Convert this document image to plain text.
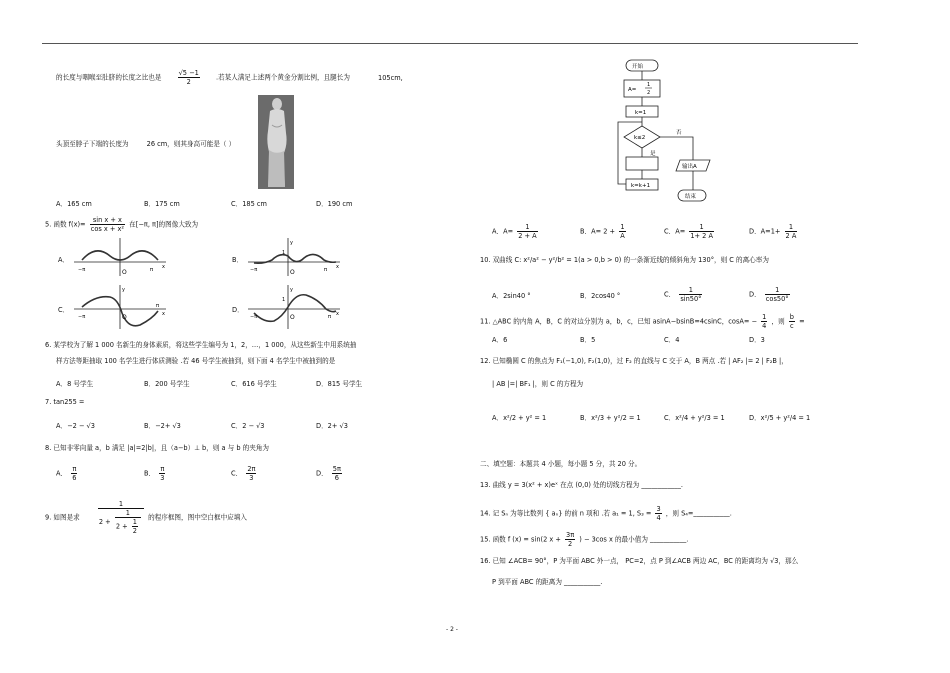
的长度与咽喉至肚脐的长度之比也是 $\frac{√5 -1}{2}$ .若某人满足上述两个黄金分割比例，且腿长为	105cm,
头顶至脖子下端的长度为	26 cm，则其身高可能是（ ）
A．165 cm	B．175 cm	C．185 cm	D．190 cm
5. 函数 $f(x)= \frac{\text{sin x + x}}{\text{cos x + x²}}$ 在[−π, π]的图像大致为
A．
O
−π	π x
B．
y
1
O
−π	π x
C．
y
−π	O
π
x	D．
y
1
−π	O	π x
6. 某学校为了解 1 000 名新生的身体素质，将这些学生编号为 1，2，…，1 000，从这些新生中用系统抽
样方法等距抽取 100 名学生进行体质测验 .若 46 号学生被抽到，则下面 4 名学生中被抽到的是
A．8 号学生	B．200 号学生	C．616 号学生	D．815 号学生
7. tan255 =
A．−2 − √3	B．−2+ √3	C．2 − √3	D．2+ √3
8. 已知非零向量 a，b 满足 |a|=2|b|，且（a−b）⊥ b，则 a 与 b 的夹角为
A． $\frac{\pi}{6}$	B． $\frac{\pi}{3}$	C． $\frac{2\pi}{3}$	D． $\frac{5\pi}{6}$
9. 如图是求
1
$2 + \frac{1}{2 + \frac{1}{2}}$ 的程序框图，图中空白框中应填入
开始
A=
1
2
k=1
k≤2
是
否
输出A
k=k+1
结束
A．$A= \frac{1}{2 + A}$	B．$A= 2 + \frac{1}{A}$	C．$A= \frac{1}{1+ 2 A}$	D．$A=1+ \frac{1}{2 A}$
10. 双曲线 C: x²/a² − y²/b² = 1(a > 0,b > 0) 的一条渐近线的倾斜角为 130°，则 C 的离心率为
A．2sin40 °	B．2cos40 °	C． $\frac{1}{\sin 50^\circ}$	D． $\frac{1}{\cos 50^\circ}$
11. △ABC 的内角 A，B，C 的对边分别为 a，b，c，已知 asinA−bsinB=4csinC，$\cos A= - \frac{1}{4}$ ，则 $\frac{b}{c}$ =
A．6	B．5	C．4	D．3
12. 已知椭圆 C 的焦点为 F₁(−1,0), F₂(1,0)，过 F₂ 的直线与 C 交于 A，B 两点 .若 | AF₂ |= 2 | F₂B |，
| AB |=| BF₁ |，则 C 的方程为
A．x²/2 + y² = 1	B．x²/3 + y²/2 = 1	C．x²/4 + y²/3 = 1	D．x²/5 + y²/4 = 1
二、填空题：本题共 4 小题，每小题 5 分，共 20 分。
13. 曲线 y = 3(x² + x)eˣ 在点 (0,0) 处的切线方程为 ____________.
14. 记 Sₙ 为等比数列 { aₙ} 的前 n 项和 .若 a₁ = 1, $S_3 = \frac{3}{4}$ ，则 S₄=___________.
15. 函数 f (x) = sin(2 $x + \frac{3\pi}{2}$ ) − 3cos x 的最小值为 ___________.
16. 已知 ∠ACB= 90°，P 为平面 ABC 外一点， PC=2，点 P 到∠ACB 两边 AC，BC 的距离均为 √3，那么
P 到平面 ABC 的距离为 ___________.
- 2 -
